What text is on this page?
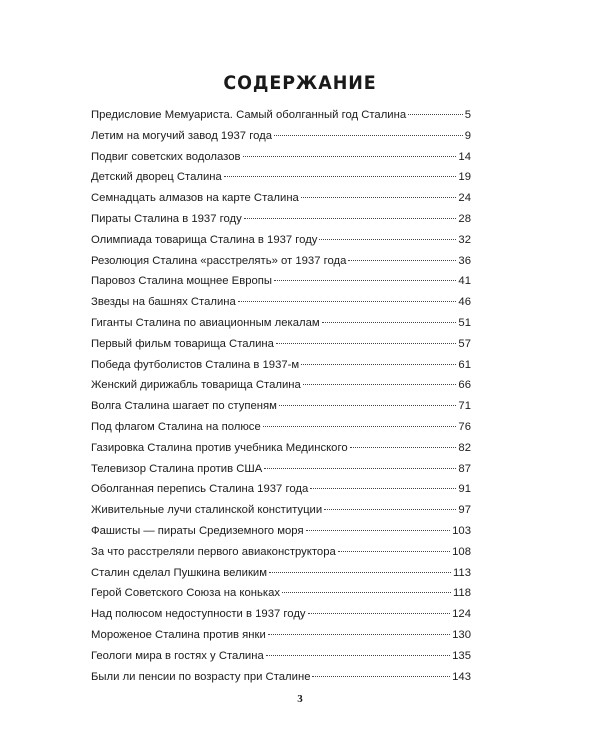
СОДЕРЖАНИЕ
Предисловие Мемуариста. Самый оболганный год Сталина	5
Летим на могучий завод 1937 года	9
Подвиг советских водолазов	14
Детский дворец Сталина	19
Семнадцать алмазов на карте Сталина	24
Пираты Сталина в 1937 году	28
Олимпиада товарища Сталина в 1937 году	32
Резолюция Сталина «расстрелять» от 1937 года	36
Паровоз Сталина мощнее Европы	41
Звезды на башнях Сталина	46
Гиганты Сталина по авиационным лекалам	51
Первый фильм товарища Сталина	57
Победа футболистов Сталина в 1937-м	61
Женский дирижабль товарища Сталина	66
Волга Сталина шагает по ступеням	71
Под флагом Сталина на полюсе	76
Газировка Сталина против учебника Мединского	82
Телевизор Сталина против США	87
Оболганная перепись Сталина 1937 года	91
Живительные лучи сталинской конституции	97
Фашисты — пираты Средиземного моря	103
За что расстреляли первого авиаконструктора	108
Сталин сделал Пушкина великим	113
Герой Советского Союза на коньках	118
Над полюсом недоступности в 1937 году	124
Мороженое Сталина против янки	130
Геологи мира в гостях у Сталина	135
Были ли пенсии по возрасту при Сталине	143
3
